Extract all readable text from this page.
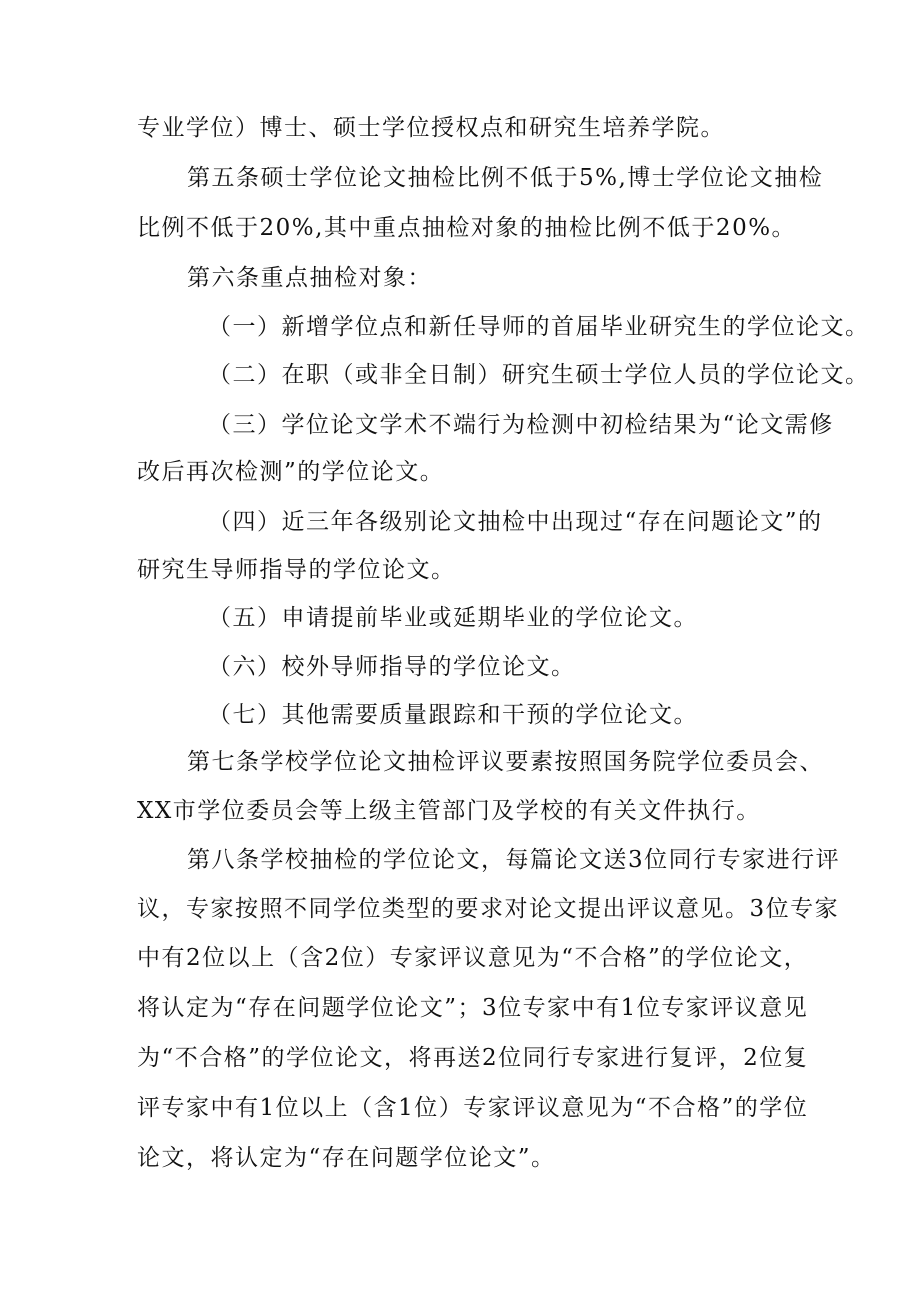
专业学位）博士、硕士学位授权点和研究生培养学院。
第五条硕士学位论文抽检比例不低于5%,博士学位论文抽检
比例不低于20%,其中重点抽检对象的抽检比例不低于20%。
第六条重点抽检对象：
（一）新增学位点和新任导师的首届毕业研究生的学位论文。
（二）在职（或非全日制）研究生硕士学位人员的学位论文。
（三）学位论文学术不端行为检测中初检结果为“论文需修
改后再次检测”的学位论文。
（四）近三年各级别论文抽检中出现过“存在问题论文”的
研究生导师指导的学位论文。
（五）申请提前毕业或延期毕业的学位论文。
（六）校外导师指导的学位论文。
（七）其他需要质量跟踪和干预的学位论文。
第七条学校学位论文抽检评议要素按照国务院学位委员会、
XX市学位委员会等上级主管部门及学校的有关文件执行。
第八条学校抽检的学位论文，每篇论文送3位同行专家进行评
议，专家按照不同学位类型的要求对论文提出评议意见。3位专家
中有2位以上（含2位）专家评议意见为“不合格”的学位论文，
将认定为“存在问题学位论文”；3位专家中有1位专家评议意见
为“不合格”的学位论文，将再送2位同行专家进行复评，2位复
评专家中有1位以上（含1位）专家评议意见为“不合格”的学位
论文，将认定为“存在问题学位论文”。
